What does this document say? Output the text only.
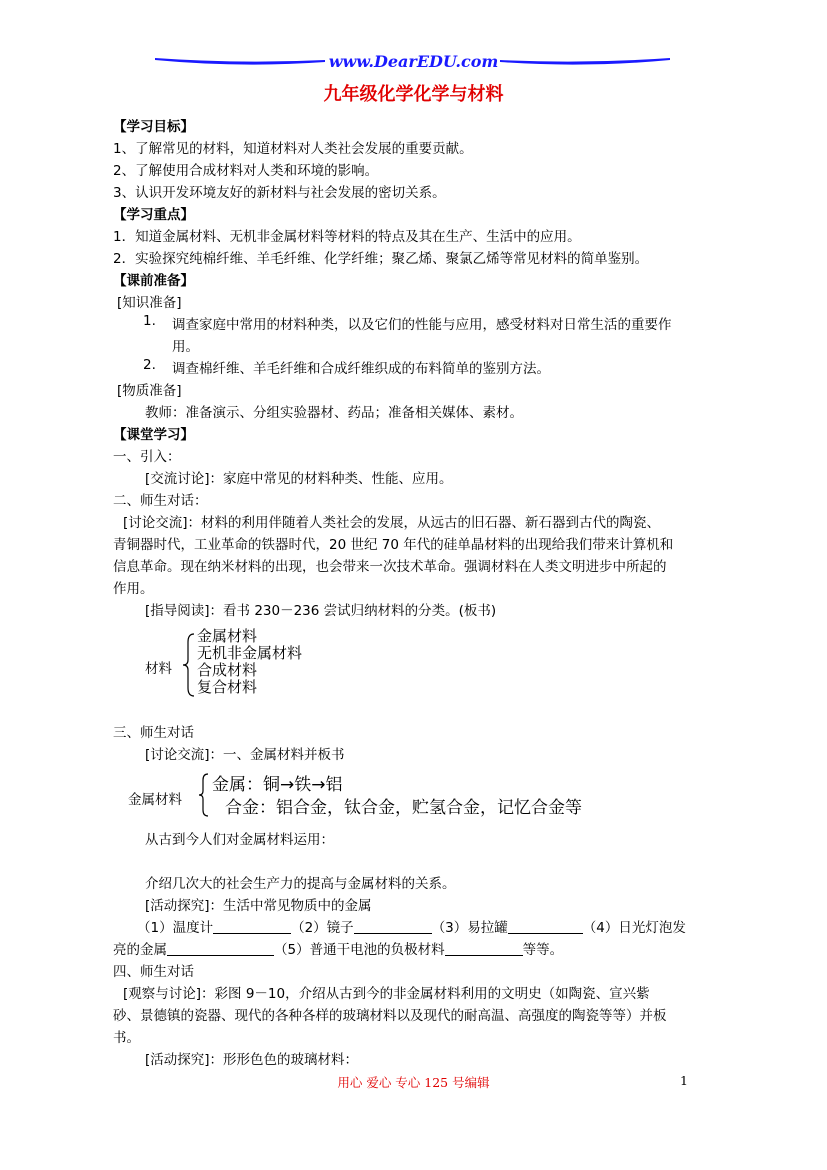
www.DearEDU.com
九年级化学化学与材料
【学习目标】
1、了解常见的材料，知道材料对人类社会发展的重要贡献。
2、了解使用合成材料对人类和环境的影响。
3、认识开发环境友好的新材料与社会发展的密切关系。
【学习重点】
1．知道金属材料、无机非金属材料等材料的特点及其在生产、生活中的应用。
2．实验探究纯棉纤维、羊毛纤维、化学纤维；聚乙烯、聚氯乙烯等常见材料的简单鉴别。
【课前准备】
[知识准备]
1. 调查家庭中常用的材料种类，以及它们的性能与应用，感受材料对日常生活的重要作
用。
2. 调查棉纤维、羊毛纤维和合成纤维织成的布料简单的鉴别方法。
[物质准备]
教师：准备演示、分组实验器材、药品；准备相关媒体、素材。
【课堂学习】
一、引入：
[交流讨论]：家庭中常见的材料种类、性能、应用。
二、师生对话：
[讨论交流]：材料的利用伴随着人类社会的发展，从远古的旧石器、新石器到古代的陶瓷、
青铜器时代，工业革命的铁器时代，20 世纪 70 年代的硅单晶材料的出现给我们带来计算机和
信息革命。现在纳米材料的出现，也会带来一次技术革命。强调材料在人类文明进步中所起的
作用。
[指导阅读]：看书 230－236 尝试归纳材料的分类。(板书)
材料
金属材料
无机非金属材料
合成材料
复合材料
三、师生对话
[讨论交流]：一、金属材料并板书
金属材料
金属：铜→铁→铝
合金：铝合金，钛合金，贮氢合金，记忆合金等
从古到今人们对金属材料运用：
介绍几次大的社会生产力的提高与金属材料的关系。
[活动探究]：生活中常见物质中的金属
（1）温度计	（2）镜子	（3）易拉罐	（4）日光灯泡发
亮的金属	（5）普通干电池的负极材料	等等。
四、师生对话
[观察与讨论]：彩图 9－10，介绍从古到今的非金属材料利用的文明史（如陶瓷、宣兴紫
砂、景德镇的瓷器、现代的各种各样的玻璃材料以及现代的耐高温、高强度的陶瓷等等）并板
书。
[活动探究]：形形色色的玻璃材料：
用心 爱心 专心 125 号编辑	1
